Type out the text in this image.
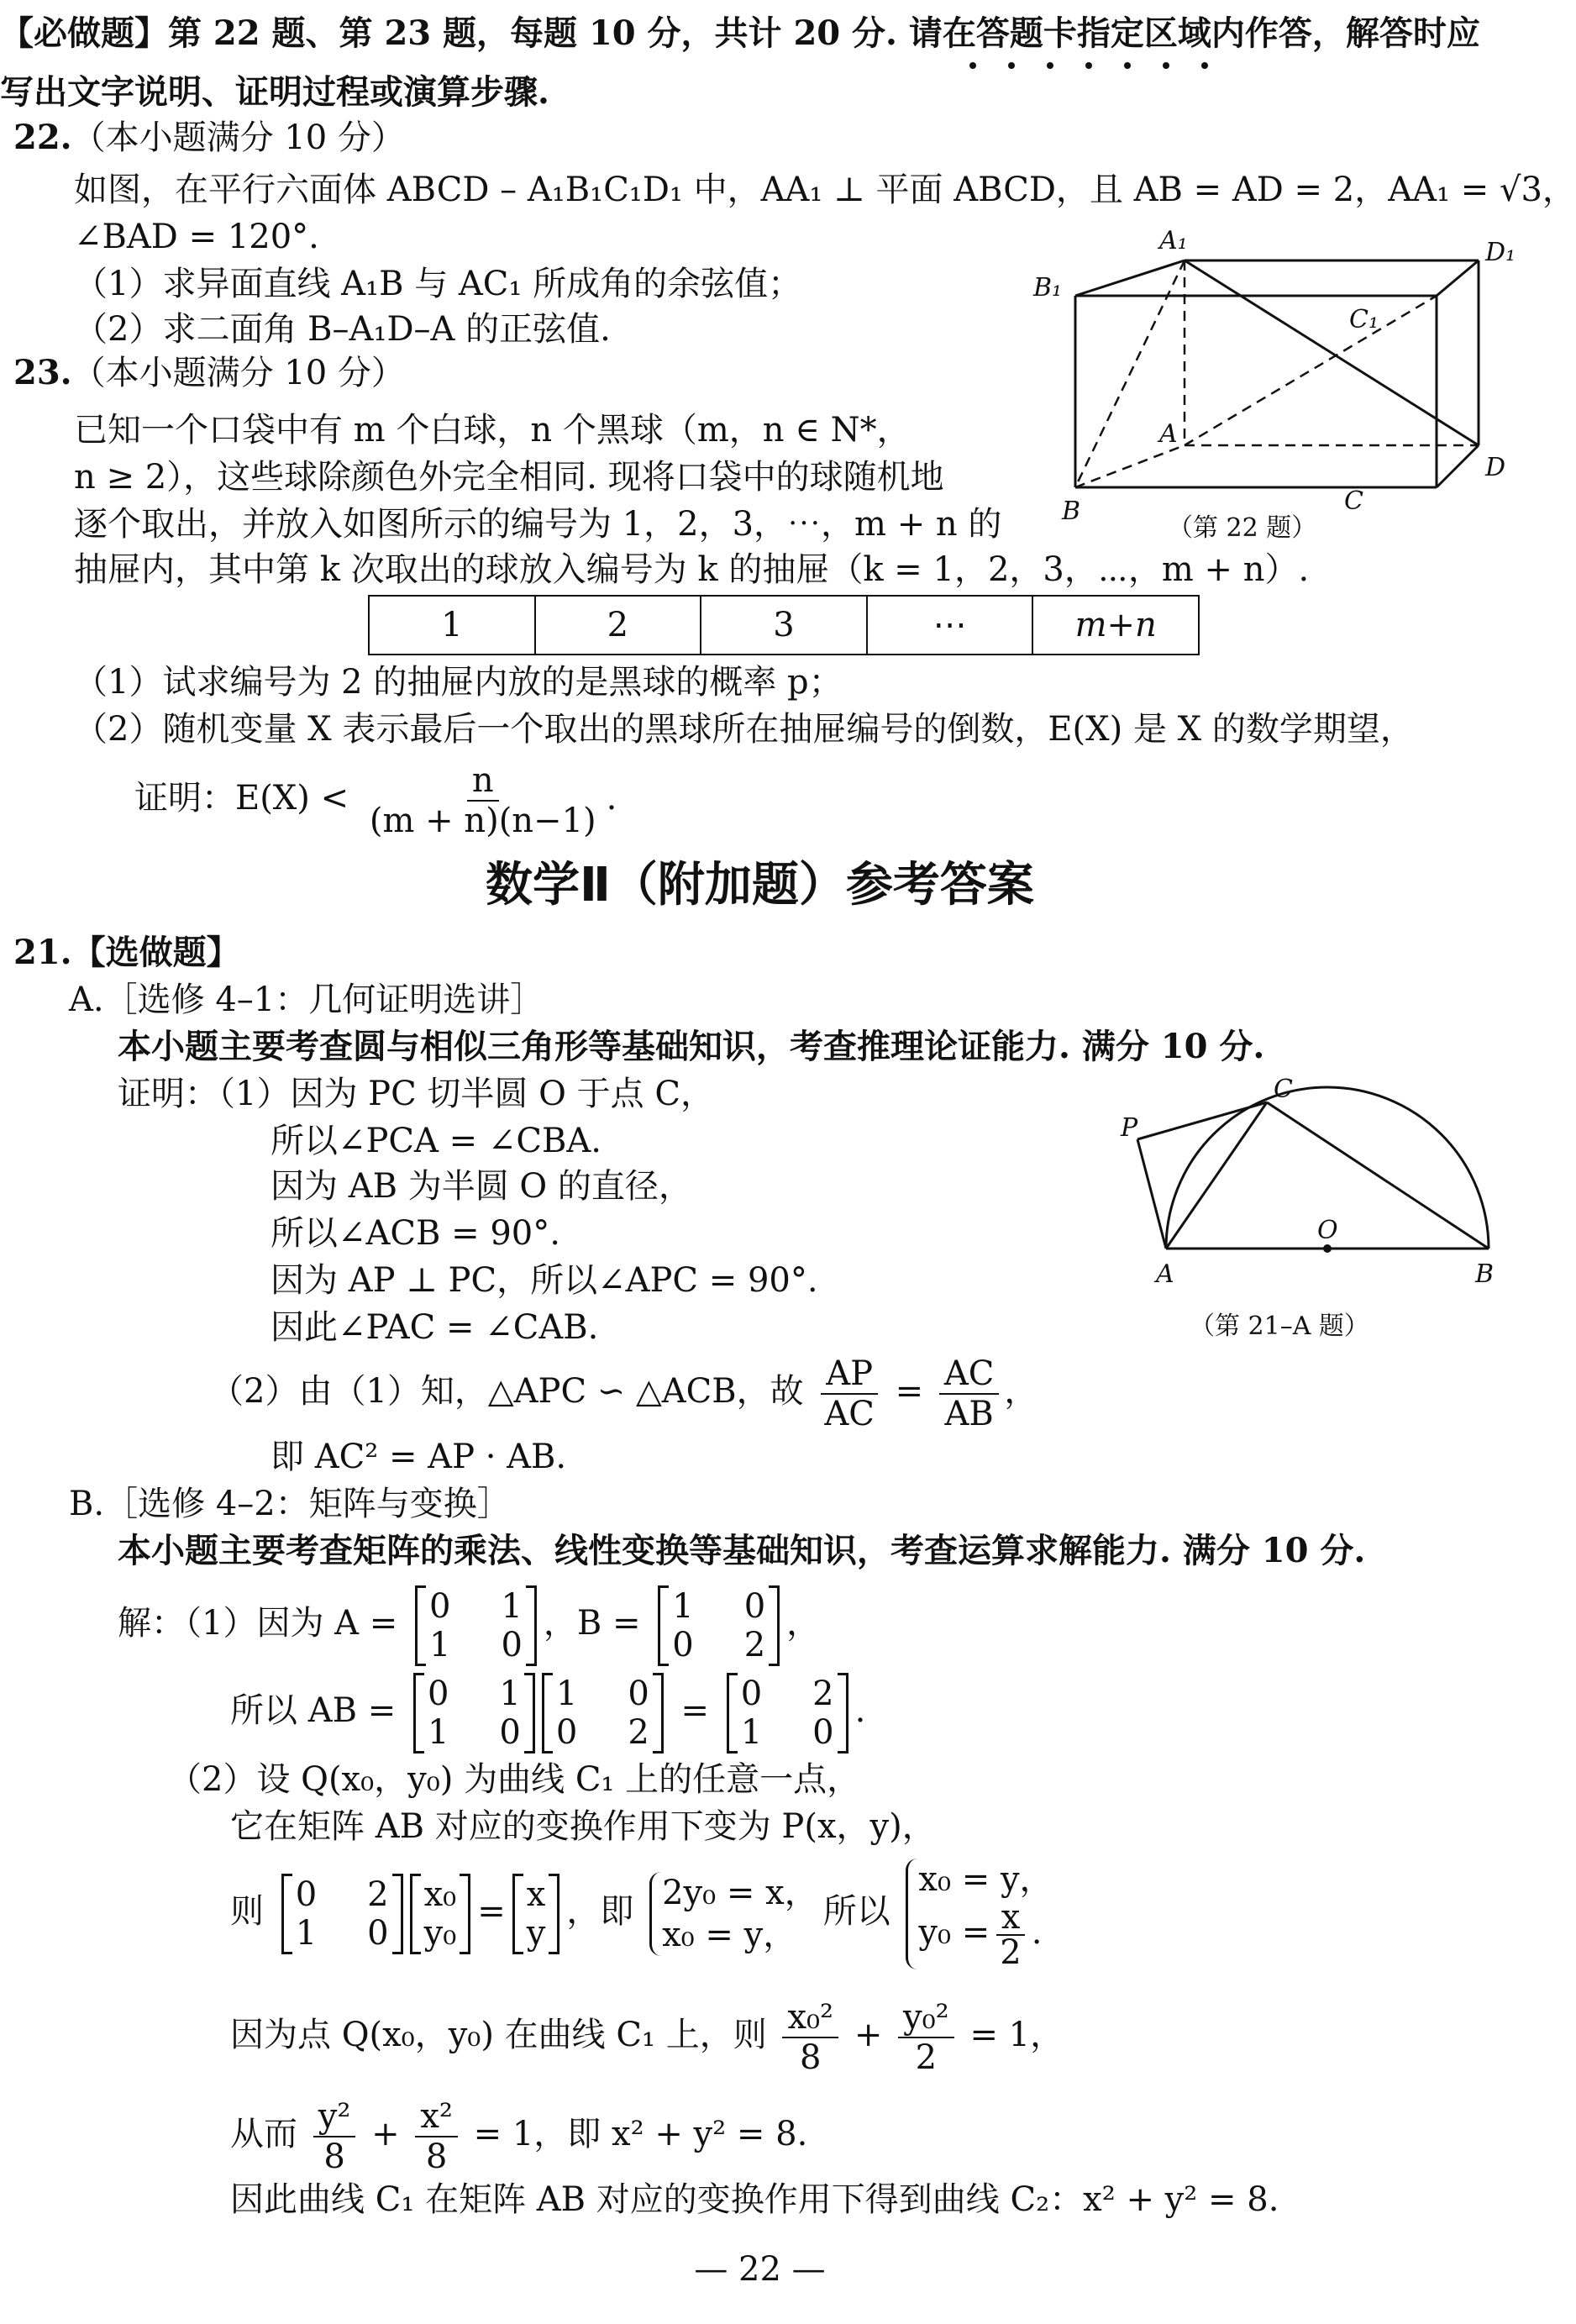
【必做题】第 22 题、第 23 题，每题 10 分，共计 20 分. 请在答题卡指定区域内作答，解答时应
写出文字说明、证明过程或演算步骤.
22.（本小题满分 10 分）
如图，在平行六面体 ABCD – A₁B₁C₁D₁ 中，AA₁ ⊥ 平面 ABCD，且 AB = AD = 2，AA₁ = √3，
∠BAD = 120°.
（1）求异面直线 A₁B 与 AC₁ 所成角的余弦值；
（2）求二面角 B–A₁D–A 的正弦值.
A₁	D₁
B₁
C₁
A
D
B	C
（第 22 题）
23.（本小题满分 10 分）
已知一个口袋中有 m 个白球，n 个黑球（m，n ∈ N*，
n ≥ 2），这些球除颜色外完全相同. 现将口袋中的球随机地
逐个取出，并放入如图所示的编号为 1，2，3，⋯，m + n 的
抽屉内，其中第 k 次取出的球放入编号为 k 的抽屉（k = 1，2，3，⋯，m + n）.
1	2	3	⋯	m+n
（1）试求编号为 2 的抽屉内放的是黑球的概率 p；
（2）随机变量 X 表示最后一个取出的黑球所在抽屉编号的倒数，E(X) 是 X 的数学期望，
证明：$E(X) < \frac{n}{(m + n)(n-1)}$ .
数学Ⅱ（附加题）参考答案
21.【选做题】
A.［选修 4–1：几何证明选讲］
本小题主要考查圆与相似三角形等基础知识，考查推理论证能力. 满分 10 分.
证明：（1）因为 PC 切半圆 O 于点 C，
所以∠PCA = ∠CBA.
因为 AB 为半圆 O 的直径，
所以∠ACB = 90°.
因为 AP ⊥ PC，所以∠APC = 90°.
因此∠PAC = ∠CAB.
（2）由（1）知，△APC ∽ △ACB，故 $\frac{AP}{AC} = \frac{AC}{AB}$ ，
即 AC² = AP · AB.
C
P
O
A	B
（第 21–A 题）
B.［选修 4–2：矩阵与变换］
本小题主要考查矩阵的乘法、线性变换等基础知识，考查运算求解能力. 满分 10 分.
解：（1）因为 A = 0 1
1 0
，B = 1 0
0 2
，
所以 AB = 0 1
1 0
1 0
0 2
= 0 2
1 0
.
（2）设 Q(x₀，y₀) 为曲线 C₁ 上的任意一点，
它在矩阵 AB 对应的变换作用下变为 P(x，y)，
则 0 2
1 0
x₀
y₀
= x
y
，即 2y₀ = x，
x₀ = y，
所以
x₀ = y，
$y_0 = \frac{x}{2}$ .
因为点 Q(x₀，y₀) 在曲线 C₁ 上，则 $\frac{\text{x₀²}}{8} + \frac{\text{y₀²}}{2} = 1$，
从而 $\frac{\text{y²}}{8} + \frac{\text{x²}}{8} = 1$，即 x² + y² = 8.
因此曲线 C₁ 在矩阵 AB 对应的变换作用下得到曲线 C₂：x² + y² = 8.
— 22 —
